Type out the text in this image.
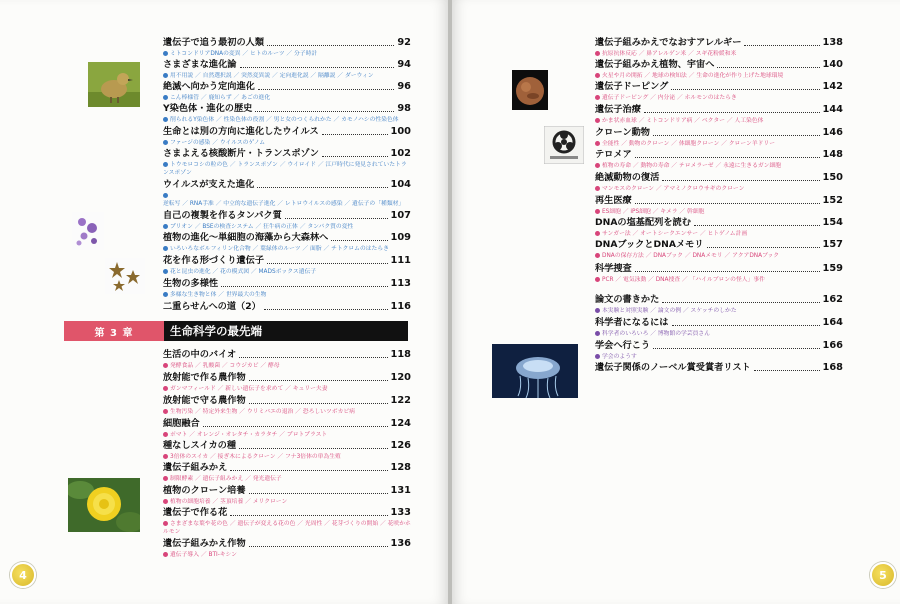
遺伝子で追う最初の人類	92
ミトコンドリアDNAの変異 ／ ヒトのルーツ ／ 分子時計
さまざまな進化論	94
用不用説 ／ 自然選択説 ／ 突然変異説 ／ 定向進化説 ／ 隔離説 ／ ダーウィン
絶滅へ向かう定向進化	96
こん棒様管 ／ 鹿知らず ／ あごの進化
Y染色体・進化の歴史	98
削られるY染色体 ／ 性染色体の役割 ／ 男と女のつくられかた ／ カモノハシの性染色体
生命とは別の方向に進化したウイルス	100
ファージの感染 ／ ウイルスのゲノム
さまよえる核酸断片・トランスポゾン	102
トウモロコシの粒の色 ／ トランスポゾン ／ ウイロイド ／ 江戸時代に発見されていたトランスポゾン
ウイルスが支えた進化	104
逆転写 ／ RNA手准 ／ 中立的な遺伝子進化 ／ レトロウイルスの感染 ／ 遺伝子の「種類材」
自己の複製を作るタンパク質	107
プリオン ／ BSEの検査システム ／ 狂牛病の正体 ／ タンパク質の変性
植物の進化～単細胞の海藻から大森林へ	109
いろいろなボルフィリン化合物 ／ 葉緑体のルーツ ／ 面脂 ／ チトクロムのはたらき
花を作る形づくり遺伝子	111
花と昆虫の進化 ／ 花の模式図 ／ MADSボックス遺伝子
生物の多様性	113
多様な生き物と体 ／ 世界最大の生物
二重らせんへの道（2）	116
第 3 章	生命科学の最先端
生活の中のバイオ	118
発酵食品 ／ 乳酸菌 ／ コウジカビ ／ 酵母
放射能で作る農作物	120
ガンマフィールド ／ 新しい遺伝子を求めて ／ キュリー夫妻
放射能で守る農作物	122
生物汚染 ／ 特定外来生物 ／ ウリミバエの退治 ／ 恐ろしいツボカビ病
細胞融合	124
ポマト ／ オレンジ・オレタチ・カラタチ ／ プロトプラスト
種なしスイカの種	126
3倍体のスイカ ／ 接ぎ木によるクローン ／ フナ3倍体の単為生殖
遺伝子組みかえ	128
制限酵素 ／ 遺伝子組みかえ ／ 発光遺伝子
植物のクローン培養	131
植物の細胞培養 ／ 茎頂培養 ／ メリクローン
遺伝子で作る花	133
さまざまな葉や花の色 ／ 遺伝子が変える花の色 ／ 光周性 ／ 花芽づくりの開始 ／ 花咲かホルモン
遺伝子組みかえ作物	136
遺伝子導入 ／ BTI-キシン
4
遺伝子組みかえでなおすアレルギー	138
抗原抗体反応 ／ 鼻アレルゲン米 ／ スギ花粉緩和米
遺伝子組みかえ植物、宇宙へ	140
火星や月の開拓 ／ 地球の検知法 ／ 生命の進化が作り上げた地球環境
遺伝子ドーピング	142
遺伝子ドーピング ／ 内分泌 ／ ホルモンのはたらき
遺伝子治療	144
かま状赤血球 ／ ミトコンドリア病 ／ ベクター ／ 人工染色体
クローン動物	146
全能性 ／ 動物のクローン ／ 体細胞クローン ／ クローン羊ドリー
テロメア	148
植物の寿命 ／ 動物の寿命 ／ テロメラーゼ ／ 永遠に生きるガン細胞
絶滅動物の復活	150
マンモスのクローン ／ アマミノクロウサギのクローン
再生医療	152
ES細胞 ／ iPS細胞 ／ キメラ ／ 幹細胞
DNAの塩基配列を読む	154
サンガー法 ／ オートシークエンサー ／ ヒトゲノム計画
DNAブックとDNAメモリ	157
DNAの保存方法 ／ DNAブック ／ DNAメモリ ／ アクアDNAブック
科学捜査	159
PCR ／ 電気泳動 ／ DNA捜査 ／ 「ハイルブロンの怪人」事件
論文の書きかた	162
本実験と対照実験 ／ 論文の例 ／ スケッチのしかた
科学者になるには	164
科学者のいろいろ ／ 博物館の学芸員さん
学会へ行こう	166
学会のようす
遺伝子関係のノーベル賞受賞者リスト	168
5
